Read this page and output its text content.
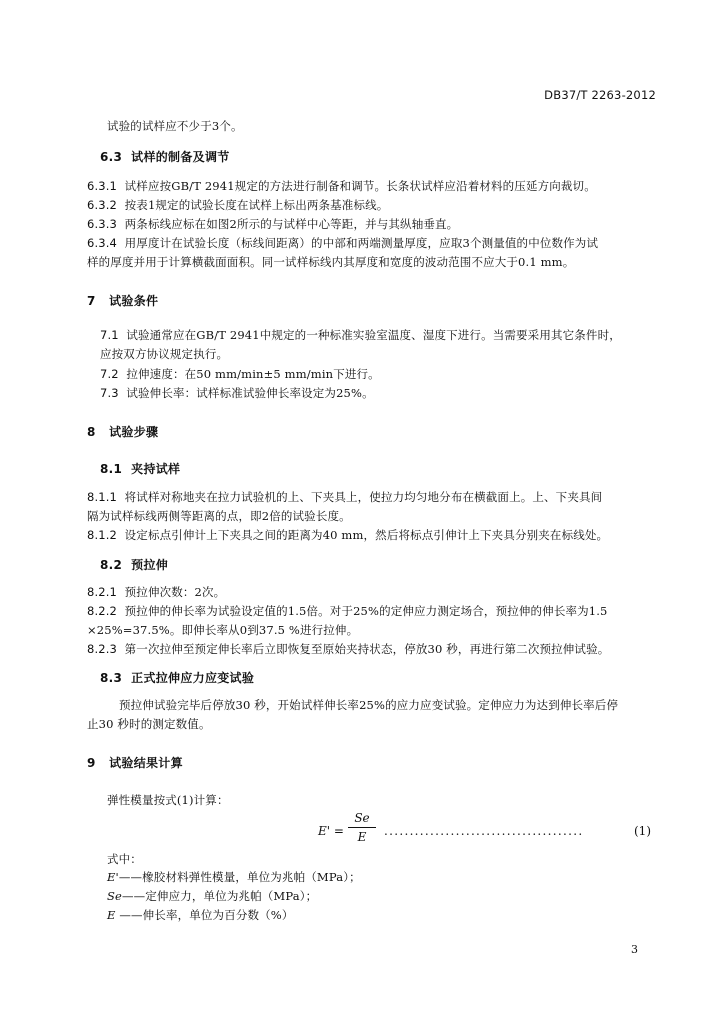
DB37/T 2263-2012
试验的试样应不少于3个。
6.3 试样的制备及调节
6.3.1 试样应按GB/T 2941规定的方法进行制备和调节。长条状试样应沿着材料的压延方向裁切。
6.3.2 按表1规定的试验长度在试样上标出两条基准标线。
6.3.3 两条标线应标在如图2所示的与试样中心等距，并与其纵轴垂直。
6.3.4 用厚度计在试验长度（标线间距离）的中部和两端测量厚度，应取3个测量值的中位数作为试
样的厚度并用于计算横截面面积。同一试样标线内其厚度和宽度的波动范围不应大于0.1 mm。
7 试验条件
7.1 试验通常应在GB/T 2941中规定的一种标准实验室温度、湿度下进行。当需要采用其它条件时，
应按双方协议规定执行。
7.2 拉伸速度：在50 mm/min±5 mm/min下进行。
7.3 试验伸长率：试样标准试验伸长率设定为25%。
8 试验步骤
8.1 夹持试样
8.1.1 将试样对称地夹在拉力试验机的上、下夹具上，使拉力均匀地分布在横截面上。上、下夹具间
隔为试样标线两侧等距离的点，即2倍的试验长度。
8.1.2 设定标点引伸计上下夹具之间的距离为40 mm，然后将标点引伸计上下夹具分别夹在标线处。
8.2 预拉伸
8.2.1 预拉伸次数：2次。
8.2.2 预拉伸的伸长率为试验设定值的1.5倍。对于25%的定伸应力测定场合，预拉伸的伸长率为1.5
×25%=37.5%。即伸长率从0到37.5 %进行拉伸。
8.2.3 第一次拉伸至预定伸长率后立即恢复至原始夹持状态，停放30 秒，再进行第二次预拉伸试验。
8.3 正式拉伸应力应变试验
预拉伸试验完毕后停放30 秒，开始试样伸长率25%的应力应变试验。定伸应力为达到伸长率后停
止30 秒时的测定数值。
9 试验结果计算
弹性模量按式(1)计算：
E' =
Se
E	.......................................	(1)
式中：
E'——橡胶材料弹性模量，单位为兆帕（MPa）；
Se——定伸应力，单位为兆帕（MPa）；
E ——伸长率，单位为百分数（%）
3
